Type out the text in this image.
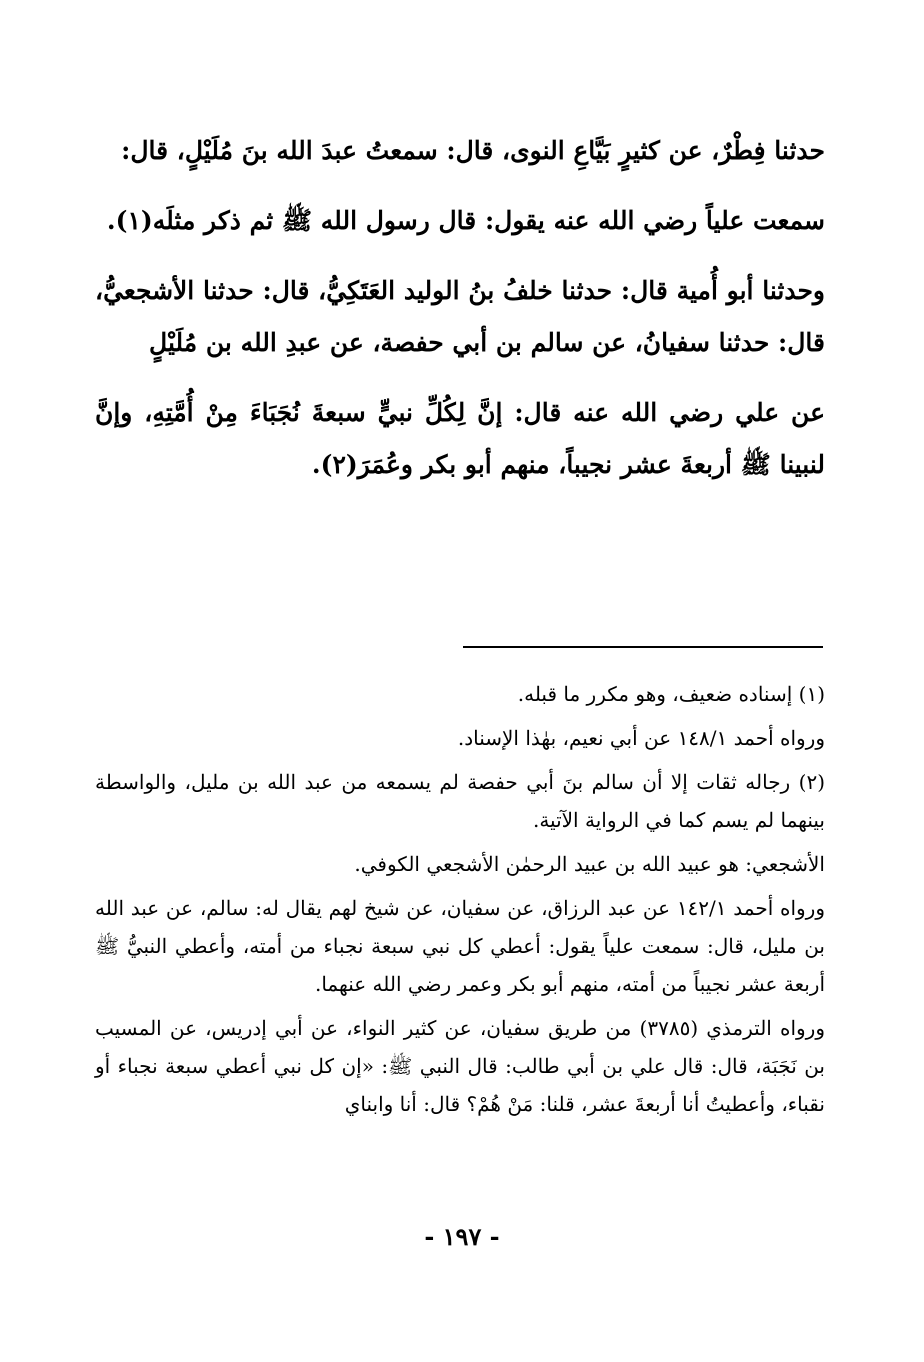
حدثنا فِطْرٌ، عن كثيرٍ بَيَّاعِ النوى، قال: سمعتُ عبدَ الله بنَ مُلَيْلٍ، قال:

سمعت علياً رضي الله عنه يقول: قال رسول الله ﷺ ثم ذكر مثلَه(١).

وحدثنا أبو أُمية قال: حدثنا خلفُ بنُ الوليد العَتَكِيُّ، قال: حدثنا الأشجعيُّ، قال: حدثنا سفيانُ، عن سالم بن أبي حفصة، عن عبدِ الله بن مُلَيْلٍ

عن علي رضي الله عنه قال: إنَّ لِكُلِّ نبيٍّ سبعةَ نُجَبَاءَ مِنْ أُمَّتِهِ، وإنَّ لنبينا ﷺ أربعةَ عشر نجيباً، منهم أبو بكر وعُمَرَ(٢).

(١) إسناده ضعيف، وهو مكرر ما قبله.

ورواه أحمد ١٤٨/١ عن أبي نعيم، بهٰذا الإسناد.

(٢) رجاله ثقات إلا أن سالم بنَ أبي حفصة لم يسمعه من عبد الله بن مليل، والواسطة بينهما لم يسم كما في الرواية الآتية.

الأشجعي: هو عبيد الله بن عبيد الرحمٰن الأشجعي الكوفي.

ورواه أحمد ١٤٢/١ عن عبد الرزاق، عن سفيان، عن شيخ لهم يقال له: سالم، عن عبد الله بن مليل، قال: سمعت علياً يقول: أعطي كل نبي سبعة نجباء من أمته، وأعطي النبيُّ ﷺ أربعة عشر نجيباً من أمته، منهم أبو بكر وعمر رضي الله عنهما.

ورواه الترمذي (٣٧٨٥) من طريق سفيان، عن كثير النواء، عن أبي إدريس، عن المسيب بن نَجَبَة، قال: قال علي بن أبي طالب: قال النبي ﷺ: «إن كل نبي أعطي سبعة نجباء أو نقباء، وأعطيتُ أنا أربعةَ عشر، قلنا: مَنْ هُمْ؟ قال: أنا وابناي

- ١٩٧ -
